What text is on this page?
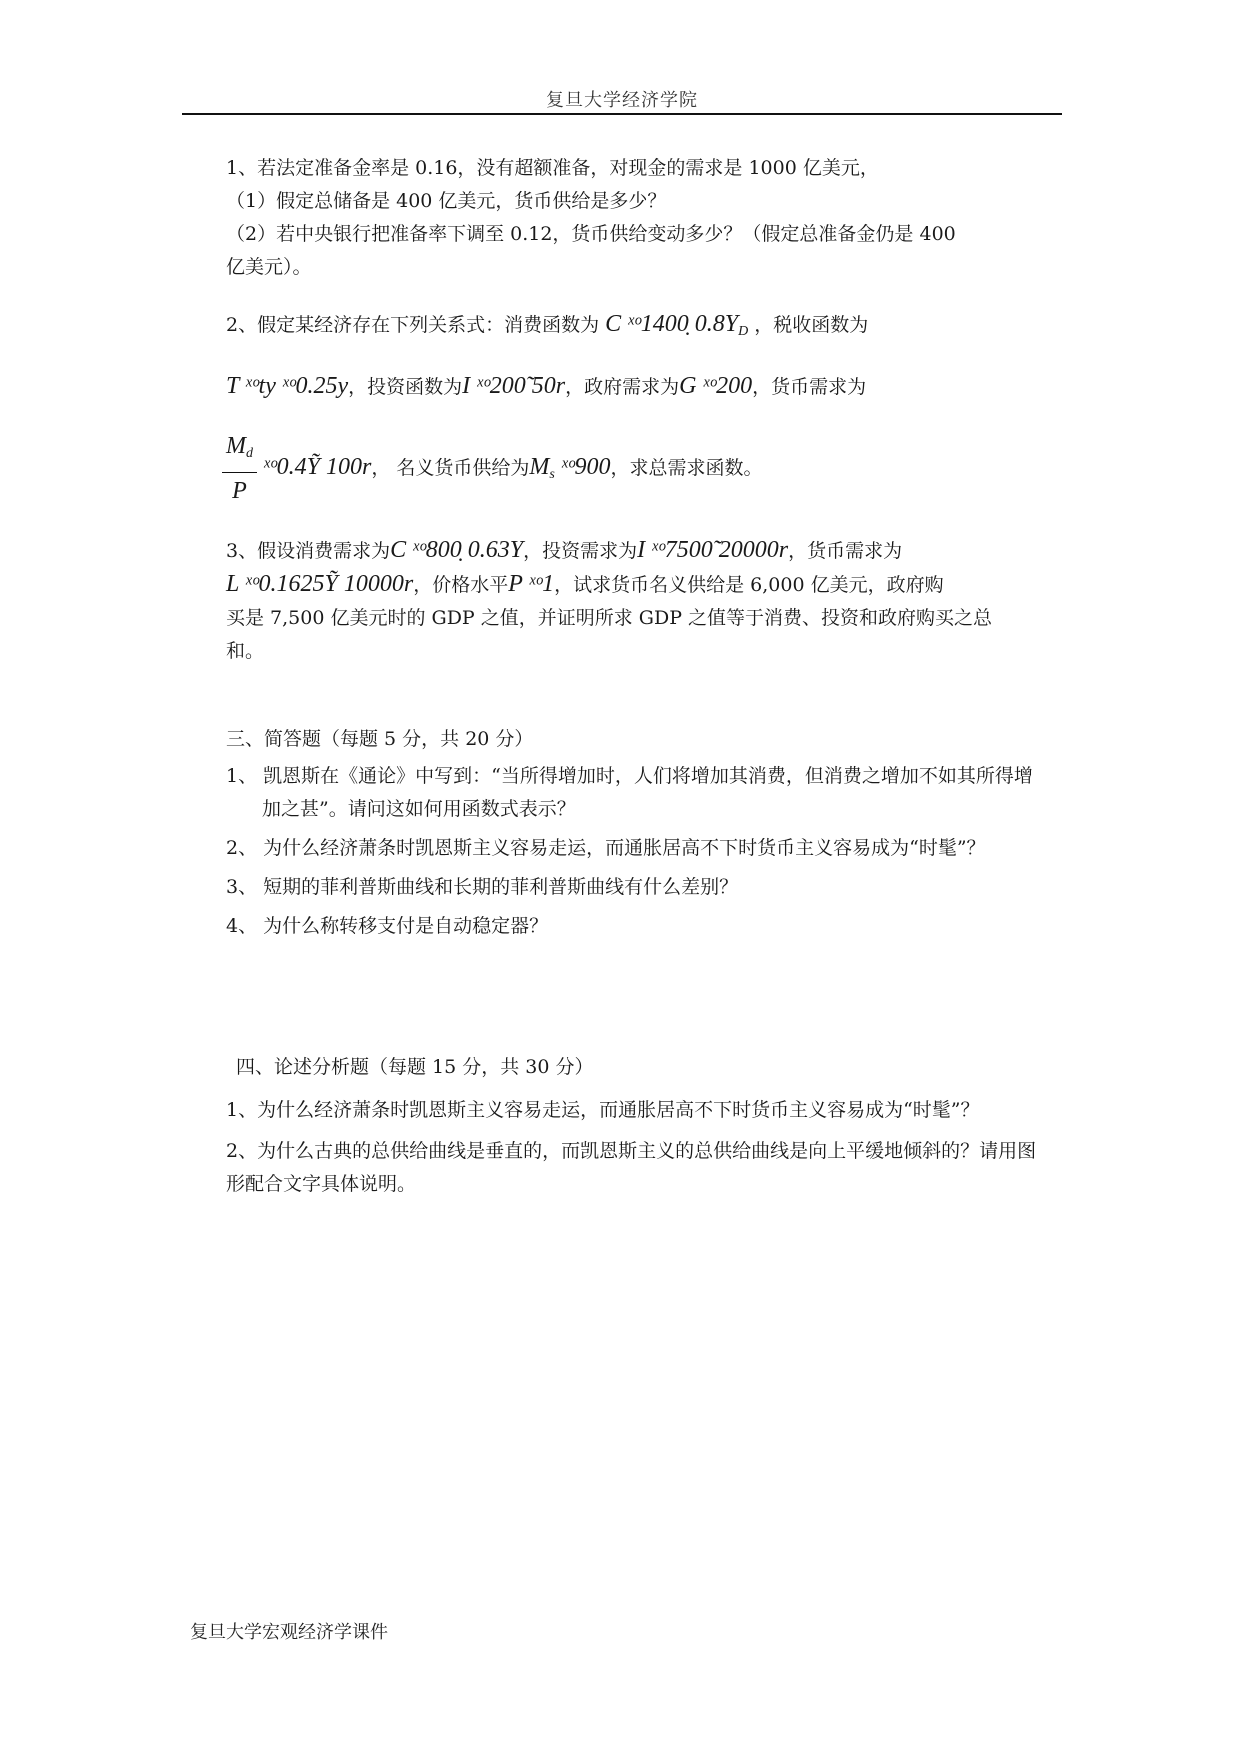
复旦大学经济学院
1、若法定准备金率是 0.16，没有超额准备，对现金的需求是 1000 亿美元，
（1）假定总储备是 400 亿美元，货币供给是多少？
（2）若中央银行把准备率下调至 0.12，货币供给变动多少？（假定总准备金仍是 400
亿美元）。
2、假定某经济存在下列关系式：消费函数为 C ˣᵒ1400̣ $0.8Y_D$ ，税收函数为
T ˣᵒty ˣᵒ0.25y，投资函数为I ˣᵒ200̃ 50r，政府需求为G ˣᵒ200，货币需求为
$\frac{M_d}{P}$ ˣᵒ0.4Ỹ 100r， 名义货币供给为$M_s$ ˣᵒ900，求总需求函数。
3、假设消费需求为C ˣᵒ800̣ 0.63Y，投资需求为I ˣᵒ7500̃ 20000r，货币需求为
L ˣᵒ0.1625Ỹ 10000r，价格水平P ˣᵒ1，试求货币名义供给是 6,000 亿美元，政府购
买是 7,500 亿美元时的 GDP 之值，并证明所求 GDP 之值等于消费、投资和政府购买之总
和。
三、简答题（每题 5 分，共 20 分）
1、 凯恩斯在《通论》中写到：“当所得增加时，人们将增加其消费，但消费之增加不如其所得增加之甚”。请问这如何用函数式表示？
2、 为什么经济萧条时凯恩斯主义容易走运，而通胀居高不下时货币主义容易成为“时髦”？
3、 短期的菲利普斯曲线和长期的菲利普斯曲线有什么差别？
4、 为什么称转移支付是自动稳定器？
四、论述分析题（每题 15 分，共 30 分）
1、为什么经济萧条时凯恩斯主义容易走运，而通胀居高不下时货币主义容易成为“时髦”？
2、为什么古典的总供给曲线是垂直的，而凯恩斯主义的总供给曲线是向上平缓地倾斜的？请用图形配合文字具体说明。
复旦大学宏观经济学课件
